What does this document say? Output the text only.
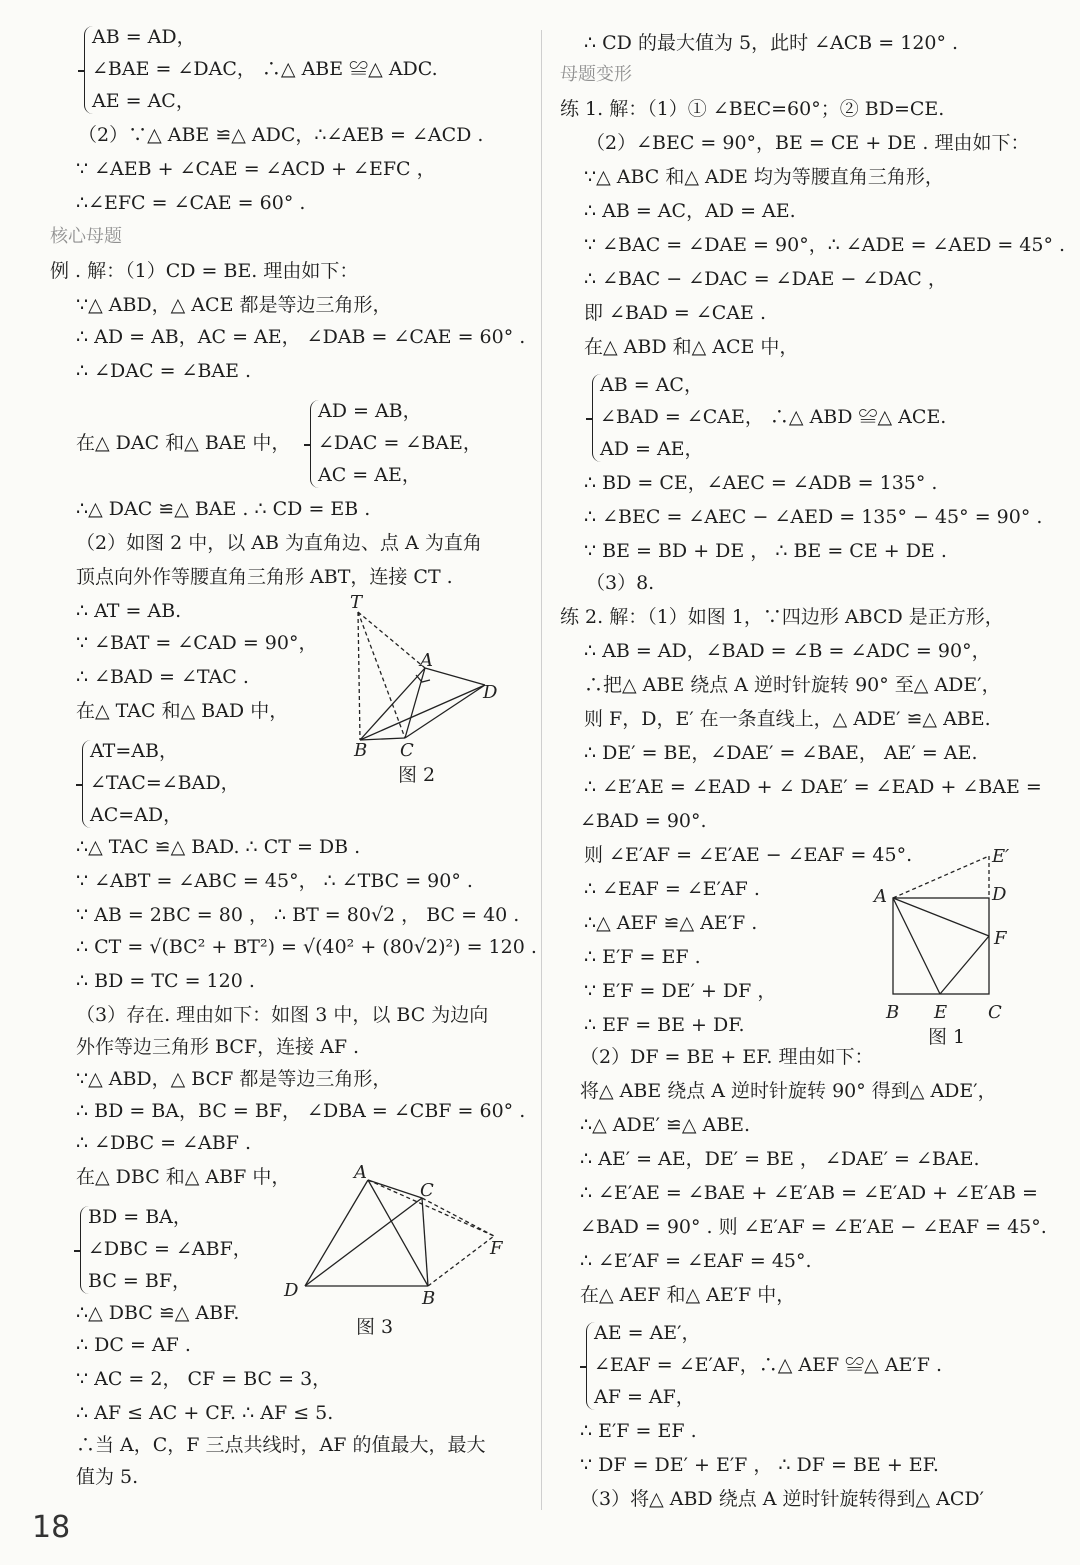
AB = AD，
∠BAE = ∠DAC， ∴△ ABE ≌△ ADC.
AE = AC，
（2）∵△ ABE ≌△ ADC，∴∠AEB = ∠ACD .
∵ ∠AEB + ∠CAE = ∠ACD + ∠EFC ，
∴∠EFC = ∠CAE = 60° .
核心母题
例 . 解：（1）CD = BE. 理由如下：
∵△ ABD，△ ACE 都是等边三角形，
∴ AD = AB，AC = AE， ∠DAB = ∠CAE = 60° .
∴ ∠DAC = ∠BAE .
AD = AB，
在△ DAC 和△ BAE 中， ∠DAC = ∠BAE，
AC = AE，
∴△ DAC ≌△ BAE . ∴ CD = EB .
（2）如图 2 中，以 AB 为直角边、点 A 为直角
顶点向外作等腰直角三角形 ABT，连接 CT .
∴ AT = AB.
∵ ∠BAT = ∠CAD = 90°，
∴ ∠BAD = ∠TAC .
在△ TAC 和△ BAD 中，
AT=AB，
∠TAC=∠BAD，
AC=AD，
∴△ TAC ≌△ BAD. ∴ CT = DB .
∵ ∠ABT = ∠ABC = 45°， ∴ ∠TBC = 90° .
∵ AB = 2BC = 80 ， ∴ BT = 80√2 ， BC = 40 .
∴ CT = √(BC² + BT²) = √(40² + (80√2)²) = 120 .
∴ BD = TC = 120 .
（3）存在. 理由如下：如图 3 中，以 BC 为边向
外作等边三角形 BCF，连接 AF .
∵△ ABD，△ BCF 都是等边三角形，
∴ BD = BA，BC = BF， ∠DBA = ∠CBF = 60° .
∴ ∠DBC = ∠ABF .
在△ DBC 和△ ABF 中，
BD = BA，
∠DBC = ∠ABF，
BC = BF，
∴△ DBC ≌△ ABF.
∴ DC = AF .
∵ AC = 2， CF = BC = 3，
∴ AF ≤ AC + CF. ∴ AF ≤ 5.
∴当 A，C，F 三点共线时，AF 的值最大，最大
值为 5.
∴ CD 的最大值为 5，此时 ∠ACB = 120° .
母题变形
练 1. 解：（1）① ∠BEC=60°；② BD=CE.
（2）∠BEC = 90°，BE = CE + DE . 理由如下：
∵△ ABC 和△ ADE 均为等腰直角三角形，
∴ AB = AC，AD = AE.
∵ ∠BAC = ∠DAE = 90°，∴ ∠ADE = ∠AED = 45° .
∴ ∠BAC − ∠DAC = ∠DAE − ∠DAC ，
即 ∠BAD = ∠CAE .
在△ ABD 和△ ACE 中，
AB = AC，
∠BAD = ∠CAE， ∴△ ABD ≌△ ACE.
AD = AE，
∴ BD = CE，∠AEC = ∠ADB = 135° .
∴ ∠BEC = ∠AEC − ∠AED = 135° − 45° = 90° .
∵ BE = BD + DE ， ∴ BE = CE + DE .
（3）8.
练 2. 解：（1）如图 1，∵四边形 ABCD 是正方形，
∴ AB = AD，∠BAD = ∠B = ∠ADC = 90°，
∴把△ ABE 绕点 A 逆时针旋转 90° 至△ ADE′，
则 F，D，E′ 在一条直线上，△ ADE′ ≌△ ABE.
∴ DE′ = BE，∠DAE′ = ∠BAE， AE′ = AE.
∴ ∠E′AE = ∠EAD + ∠ DAE′ = ∠EAD + ∠BAE =
∠BAD = 90°.
则 ∠E′AF = ∠E′AE − ∠EAF = 45°.
∴ ∠EAF = ∠E′AF .
∴△ AEF ≌△ AE′F .
∴ E′F = EF .
∵ E′F = DE′ + DF ，
∴ EF = BE + DF.
（2）DF = BE + EF. 理由如下：
将△ ABE 绕点 A 逆时针旋转 90° 得到△ ADE′，
∴△ ADE′ ≌△ ABE.
∴ AE′ = AE，DE′ = BE ， ∠DAE′ = ∠BAE.
∴ ∠E′AE = ∠BAE + ∠E′AB = ∠E′AD + ∠E′AB =
∠BAD = 90° . 则 ∠E′AF = ∠E′AE − ∠EAF = 45°.
∴ ∠E′AF = ∠EAF = 45°.
在△ AEF 和△ AE′F 中，
AE = AE′，
∠EAF = ∠E′AF，∴△ AEF ≌△ AE′F .
AF = AF，
∴ E′F = EF .
∵ DF = DE′ + E′F ， ∴ DF = BE + EF.
（3）将△ ABD 绕点 A 逆时针旋转得到△ ACD′
T
A
D
B C
图 2
A
C
F
D	B
图 3
E′
D
A
F
B E C
图 1
18
